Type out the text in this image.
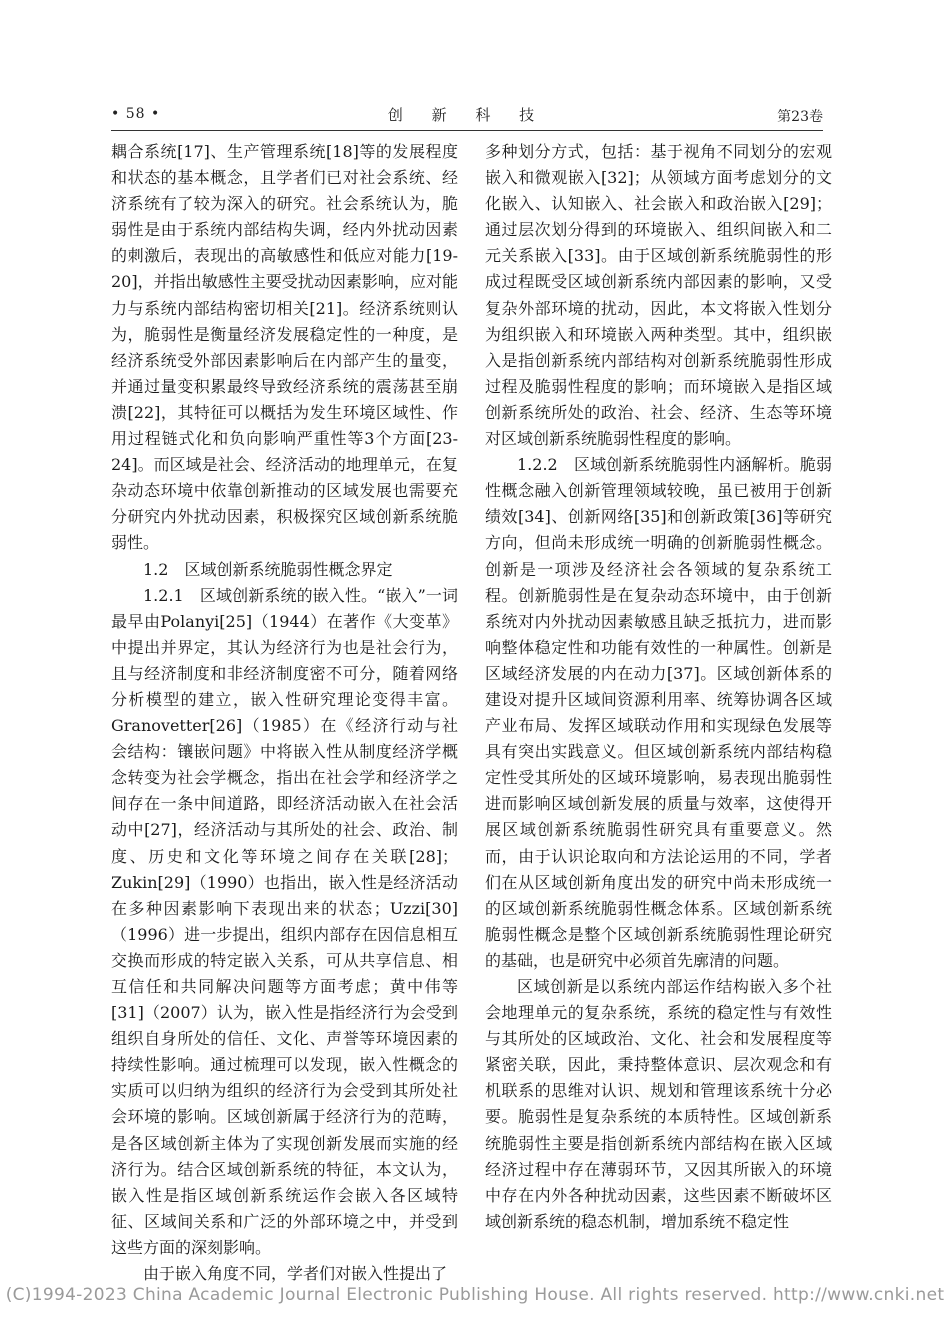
• 58 •	创 新 科 技	第23卷

耦合系统[17]、生产管理系统[18]等的发展程度和状态的基本概念，且学者们已对社会系统、经济系统有了较为深入的研究。社会系统认为，脆弱性是由于系统内部结构失调，经内外扰动因素的刺激后，表现出的高敏感性和低应对能力[19-20]，并指出敏感性主要受扰动因素影响，应对能力与系统内部结构密切相关[21]。经济系统则认为，脆弱性是衡量经济发展稳定性的一种度，是经济系统受外部因素影响后在内部产生的量变，并通过量变积累最终导致经济系统的震荡甚至崩溃[22]，其特征可以概括为发生环境区域性、作用过程链式化和负向影响严重性等3个方面[23-24]。而区域是社会、经济活动的地理单元，在复杂动态环境中依靠创新推动的区域发展也需要充分研究内外扰动因素，积极探究区域创新系统脆弱性。

1.2　区域创新系统脆弱性概念界定

1.2.1　区域创新系统的嵌入性。“嵌入”一词最早由Polanyi[25]（1944）在著作《大变革》中提出并界定，其认为经济行为也是社会行为，且与经济制度和非经济制度密不可分，随着网络分析模型的建立，嵌入性研究理论变得丰富。Granovetter[26]（1985）在《经济行动与社会结构：镶嵌问题》中将嵌入性从制度经济学概念转变为社会学概念，指出在社会学和经济学之间存在一条中间道路，即经济活动嵌入在社会活动中[27]，经济活动与其所处的社会、政治、制度、历史和文化等环境之间存在关联[28]；Zukin[29]（1990）也指出，嵌入性是经济活动在多种因素影响下表现出来的状态；Uzzi[30]（1996）进一步提出，组织内部存在因信息相互交换而形成的特定嵌入关系，可从共享信息、相互信任和共同解决问题等方面考虑；黄中伟等[31]（2007）认为，嵌入性是指经济行为会受到组织自身所处的信任、文化、声誉等环境因素的持续性影响。通过梳理可以发现，嵌入性概念的实质可以归纳为组织的经济行为会受到其所处社会环境的影响。区域创新属于经济行为的范畴，是各区域创新主体为了实现创新发展而实施的经济行为。结合区域创新系统的特征，本文认为，嵌入性是指区域创新系统运作会嵌入各区域特征、区域间关系和广泛的外部环境之中，并受到这些方面的深刻影响。

由于嵌入角度不同，学者们对嵌入性提出了

多种划分方式，包括：基于视角不同划分的宏观嵌入和微观嵌入[32]；从领域方面考虑划分的文化嵌入、认知嵌入、社会嵌入和政治嵌入[29]；通过层次划分得到的环境嵌入、组织间嵌入和二元关系嵌入[33]。由于区域创新系统脆弱性的形成过程既受区域创新系统内部因素的影响，又受复杂外部环境的扰动，因此，本文将嵌入性划分为组织嵌入和环境嵌入两种类型。其中，组织嵌入是指创新系统内部结构对创新系统脆弱性形成过程及脆弱性程度的影响；而环境嵌入是指区域创新系统所处的政治、社会、经济、生态等环境对区域创新系统脆弱性程度的影响。

1.2.2　区域创新系统脆弱性内涵解析。脆弱性概念融入创新管理领域较晚，虽已被用于创新绩效[34]、创新网络[35]和创新政策[36]等研究方向，但尚未形成统一明确的创新脆弱性概念。创新是一项涉及经济社会各领域的复杂系统工程。创新脆弱性是在复杂动态环境中，由于创新系统对内外扰动因素敏感且缺乏抵抗力，进而影响整体稳定性和功能有效性的一种属性。创新是区域经济发展的内在动力[37]。区域创新体系的建设对提升区域间资源利用率、统筹协调各区域产业布局、发挥区域联动作用和实现绿色发展等具有突出实践意义。但区域创新系统内部结构稳定性受其所处的区域环境影响，易表现出脆弱性进而影响区域创新发展的质量与效率，这使得开展区域创新系统脆弱性研究具有重要意义。然而，由于认识论取向和方法论运用的不同，学者们在从区域创新角度出发的研究中尚未形成统一的区域创新系统脆弱性概念体系。区域创新系统脆弱性概念是整个区域创新系统脆弱性理论研究的基础，也是研究中必须首先廓清的问题。

区域创新是以系统内部运作结构嵌入多个社会地理单元的复杂系统，系统的稳定性与有效性与其所处的区域政治、文化、社会和发展程度等紧密关联，因此，秉持整体意识、层次观念和有机联系的思维对认识、规划和管理该系统十分必要。脆弱性是复杂系统的本质特性。区域创新系统脆弱性主要是指创新系统内部结构在嵌入区域经济过程中存在薄弱环节，又因其所嵌入的环境中存在内外各种扰动因素，这些因素不断破坏区域创新系统的稳态机制，增加系统不稳定性

(C)1994-2023 China Academic Journal Electronic Publishing House. All rights reserved. http://www.cnki.net
